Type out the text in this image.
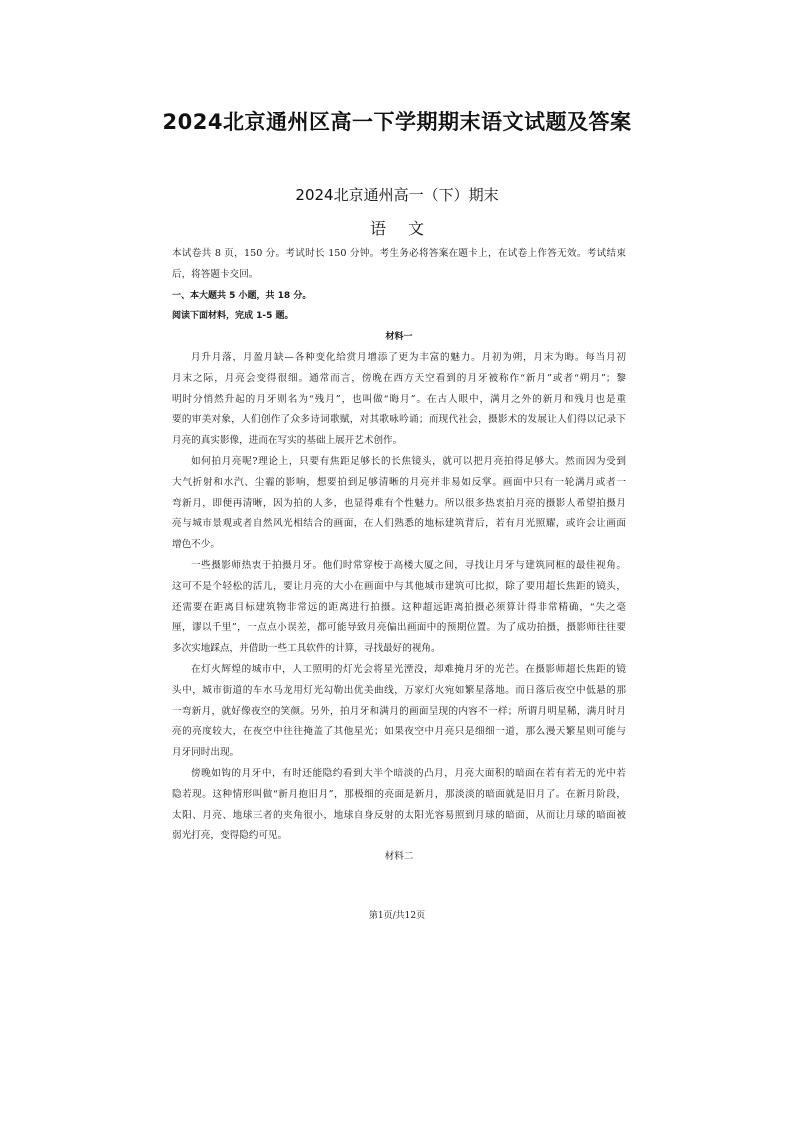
2024北京通州区高一下学期期末语文试题及答案
2024北京通州高一（下）期末
语文
本试卷共 8 页，150 分。考试时长 150 分钟。考生务必将答案在题卡上，在试卷上作答无效。考试结束
后，将答题卡交回。
一、本大题共 5 小题，共 18 分。
阅读下面材料，完成 1-5 题。
材料一
月升月落，月盈月缺—各种变化给赏月增添了更为丰富的魅力。月初为朔，月末为晦。每当月初
月末之际，月亮会变得很细。通常而言，傍晚在西方天空看到的月牙被称作“新月”或者“朔月”；黎
明时分悄然升起的月牙则名为“残月”，也叫做“晦月”。在古人眼中，满月之外的新月和残月也是重
要的审美对象，人们创作了众多诗词歌赋，对其歌咏吟诵；而现代社会，摄影术的发展让人们得以记录下
月亮的真实影像，进而在写实的基础上展开艺术创作。
如何拍月亮呢?理论上，只要有焦距足够长的长焦镜头，就可以把月亮拍得足够大。然而因为受到
大气折射和水汽、尘霾的影响，想要拍到足够清晰的月亮并非易如反掌。画面中只有一轮满月或者一
弯新月，即便再清晰，因为拍的人多，也显得难有个性魅力。所以很多热衷拍月亮的摄影人希望拍摄月
亮与城市景观或者自然风光相结合的画面，在人们熟悉的地标建筑背后，若有月光照耀，或许会让画面
增色不少。
一些摄影师热衷于拍摄月牙。他们时常穿梭于高楼大厦之间，寻找让月牙与建筑同框的最佳视角。
这可不是个轻松的活儿，要让月亮的大小在画面中与其他城市建筑可比拟，除了要用超长焦距的镜头，
还需要在距离目标建筑物非常远的距离进行拍摄。这种超远距离拍摄必须算计得非常精确，“失之毫
厘，谬以千里”，一点点小误差，都可能导致月亮偏出画面中的预期位置。为了成功拍摄，摄影师往往要
多次实地踩点，并借助一些工具软件的计算，寻找最好的视角。
在灯火辉煌的城市中，人工照明的灯光会将星光湮没，却难掩月牙的光芒。在摄影师超长焦距的镜
头中，城市街道的车水马龙用灯光勾勒出优美曲线，万家灯火宛如繁星落地。而日落后夜空中低悬的那
一弯新月，就好像夜空的笑颜。另外，拍月牙和满月的画面呈现的内容不一样；所谓月明星稀，满月时月
亮的亮度较大，在夜空中往往掩盖了其他星光；如果夜空中月亮只是细细一道，那么漫天繁星则可能与
月牙同时出现。
傍晚如钩的月牙中，有时还能隐约看到大半个暗淡的凸月，月亮大面积的暗面在若有若无的光中若
隐若现。这种情形叫做“新月抱旧月”，那极细的亮面是新月，那淡淡的暗面就是旧月了。在新月阶段，
太阳、月亮、地球三者的夹角很小，地球自身反射的太阳光容易照到月球的暗面，从而让月球的暗面被
弱光打亮，变得隐约可见。
材料二
第1页/共12页
